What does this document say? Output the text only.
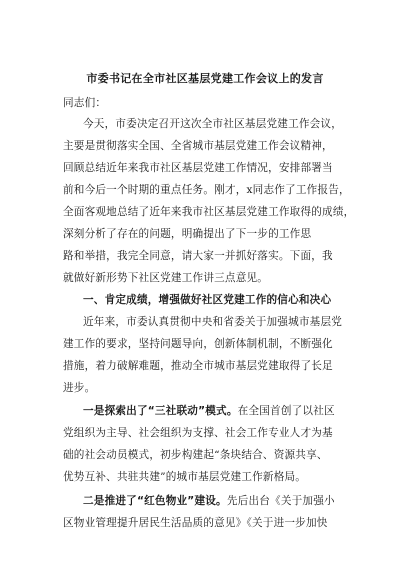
市委书记在全市社区基层党建工作会议上的发言
同志们：
今天，市委决定召开这次全市社区基层党建工作会议，
主要是贯彻落实全国、全省城市基层党建工作会议精神，
回顾总结近年来我市社区基层党建工作情况，安排部署当
前和今后一个时期的重点任务。刚才，x同志作了工作报告，
全面客观地总结了近年来我市社区基层党建工作取得的成绩，
深刻分析了存在的问题，明确提出了下一步的工作思
路和举措，我完全同意，请大家一并抓好落实。下面，我
就做好新形势下社区党建工作讲三点意见。
一、肯定成绩，增强做好社区党建工作的信心和决心
近年来，市委认真贯彻中央和省委关于加强城市基层党
建工作的要求，坚持问题导向，创新体制机制，不断强化
措施，着力破解难题，推动全市城市基层党建取得了长足
进步。
一是探索出了“三社联动”模式。在全国首创了以社区
党组织为主导、社会组织为支撑、社会工作专业人才为基
础的社会动员模式，初步构建起“条块结合、资源共享、
优势互补、共驻共建”的城市基层党建工作新格局。
二是推进了“红色物业”建设。先后出台《关于加强小
区物业管理提升居民生活品质的意见》《关于进一步加快
